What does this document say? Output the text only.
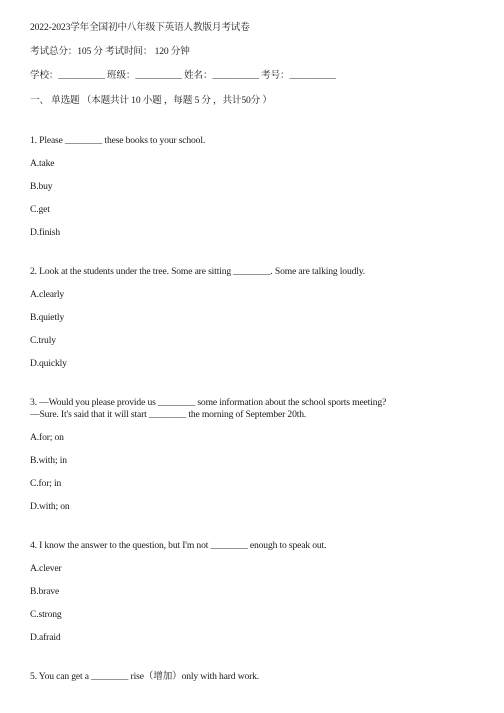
2022-2023学年全国初中八年级下英语人教版月考试卷
考试总分：105 分 考试时间： 120 分钟
学校：__________ 班级：__________ 姓名：__________ 考号：__________
一、 单选题 （本题共计 10 小题 ，每题 5 分 ，共计50分 ）
1. Please ________ these books to your school.
A.take
B.buy
C.get
D.finish
2. Look at the students under the tree. Some are sitting ________. Some are talking loudly.
A.clearly
B.quietly
C.truly
D.quickly
3. —Would you please provide us ________ some information about the school sports meeting?
—Sure. It's said that it will start ________ the morning of September 20th.
A.for; on
B.with; in
C.for; in
D.with; on
4. I know the answer to the question, but I'm not ________ enough to speak out.
A.clever
B.brave
C.strong
D.afraid
5. You can get a ________ rise（增加）only with hard work.
